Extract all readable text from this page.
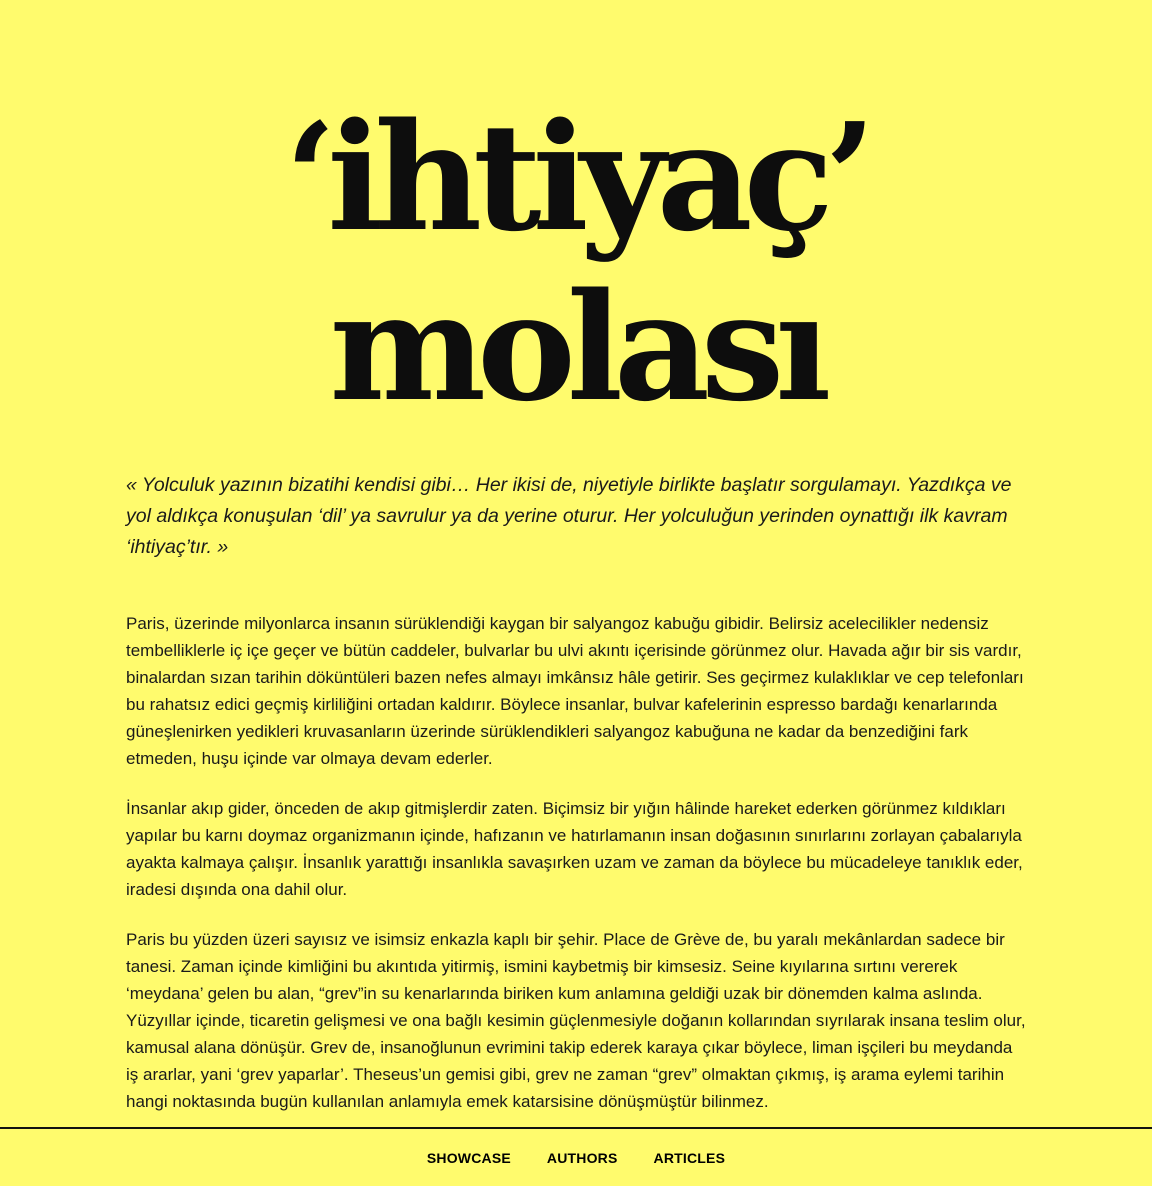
‘ihtiyaç’
molası

« Yolculuk yazının bizatihi kendisi gibi… Her ikisi de, niyetiyle birlikte başlatır sorgulamayı. Yazdıkça ve yol aldıkça konuşulan ‘dil’ ya savrulur ya da yerine oturur. Her yolculuğun yerinden oynattığı ilk kavram ‘ihtiyaç’tır. »

Paris, üzerinde milyonlarca insanın sürüklendiği kaygan bir salyangoz kabuğu gibidir. Belirsiz acelecilikler nedensiz tembelliklerle iç içe geçer ve bütün caddeler, bulvarlar bu ulvi akıntı içerisinde görünmez olur. Havada ağır bir sis vardır, binalardan sızan tarihin döküntüleri bazen nefes almayı imkânsız hâle getirir. Ses geçirmez kulaklıklar ve cep telefonları bu rahatsız edici geçmiş kirliliğini ortadan kaldırır. Böylece insanlar, bulvar kafelerinin espresso bardağı kenarlarında güneşlenirken yedikleri kruvasanların üzerinde sürüklendikleri salyangoz kabuğuna ne kadar da benzediğini fark etmeden, huşu içinde var olmaya devam ederler.

İnsanlar akıp gider, önceden de akıp gitmişlerdir zaten. Biçimsiz bir yığın hâlinde hareket ederken görünmez kıldıkları yapılar bu karnı doymaz organizmanın içinde, hafızanın ve hatırlamanın insan doğasının sınırlarını zorlayan çabalarıyla ayakta kalmaya çalışır. İnsanlık yarattığı insanlıkla savaşırken uzam ve zaman da böylece bu mücadeleye tanıklık eder, iradesi dışında ona dahil olur.

Paris bu yüzden üzeri sayısız ve isimsiz enkazla kaplı bir şehir. Place de Grève de, bu yaralı mekânlardan sadece bir tanesi. Zaman içinde kimliğini bu akıntıda yitirmiş, ismini kaybetmiş bir kimsesiz. Seine kıyılarına sırtını vererek ‘meydana’ gelen bu alan, “grev”in su kenarlarında biriken kum anlamına geldiği uzak bir dönemden kalma aslında. Yüzyıllar içinde, ticaretin gelişmesi ve ona bağlı kesimin güçlenmesiyle doğanın kollarından sıyrılarak insana teslim olur, kamusal alana dönüşür. Grev de, insanoğlunun evrimini takip ederek karaya çıkar böylece, liman işçileri bu meydanda iş ararlar, yani ‘grev yaparlar’. Theseus’un gemisi gibi, grev ne zaman “grev” olmaktan çıkmış, iş arama eylemi tarihin hangi noktasında bugün kullanılan anlamıyla emek katarsisine dönüşmüştür bilinmez.

SHOWCASE	AUTHORS	ARTICLES
